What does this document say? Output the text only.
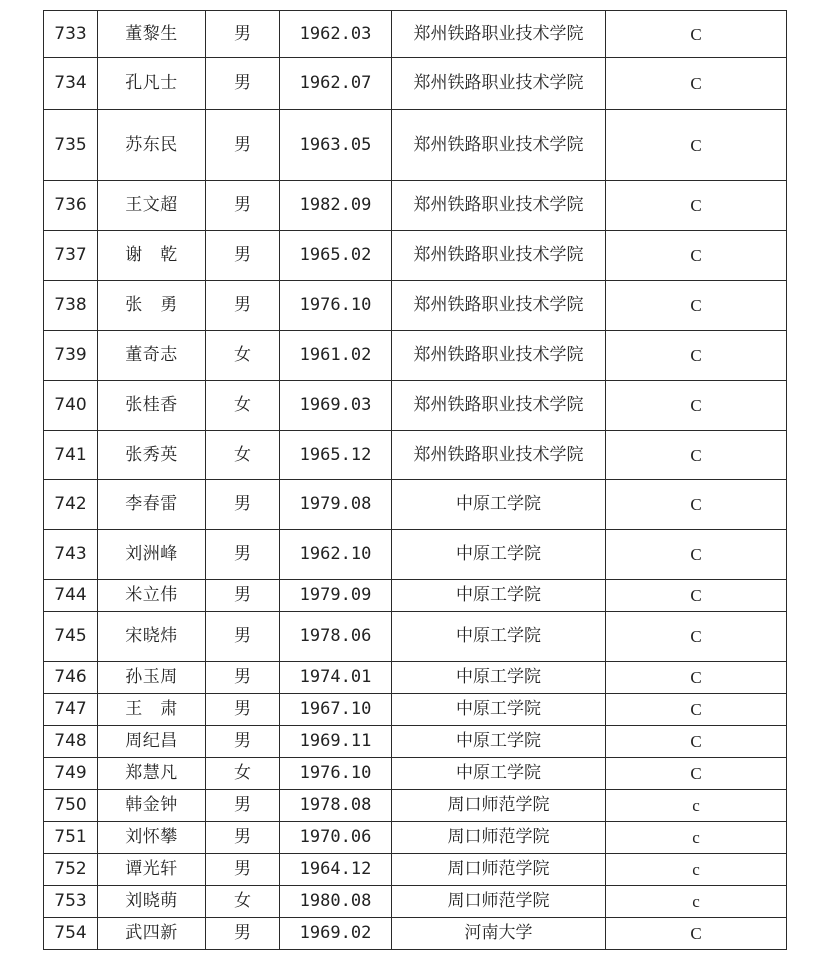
733	董黎生	男	1962.03	郑州铁路职业技术学院	C
734	孔凡士	男	1962.07	郑州铁路职业技术学院	C
735	苏东民	男	1963.05	郑州铁路职业技术学院	C
736	王文超	男	1982.09	郑州铁路职业技术学院	C
737	谢　乾	男	1965.02	郑州铁路职业技术学院	C
738	张　勇	男	1976.10	郑州铁路职业技术学院	C
739	董奇志	女	1961.02	郑州铁路职业技术学院	C
740	张桂香	女	1969.03	郑州铁路职业技术学院	C
741	张秀英	女	1965.12	郑州铁路职业技术学院	C
742	李春雷	男	1979.08	中原工学院	C
743	刘洲峰	男	1962.10	中原工学院	C
744	米立伟	男	1979.09	中原工学院	C
745	宋晓炜	男	1978.06	中原工学院	C
746	孙玉周	男	1974.01	中原工学院	C
747	王　肃	男	1967.10	中原工学院	C
748	周纪昌	男	1969.11	中原工学院	C
749	郑慧凡	女	1976.10	中原工学院	C
750	韩金钟	男	1978.08	周口师范学院	c
751	刘怀攀	男	1970.06	周口师范学院	c
752	谭光轩	男	1964.12	周口师范学院	c
753	刘晓萌	女	1980.08	周口师范学院	c
754	武四新	男	1969.02	河南大学	C
